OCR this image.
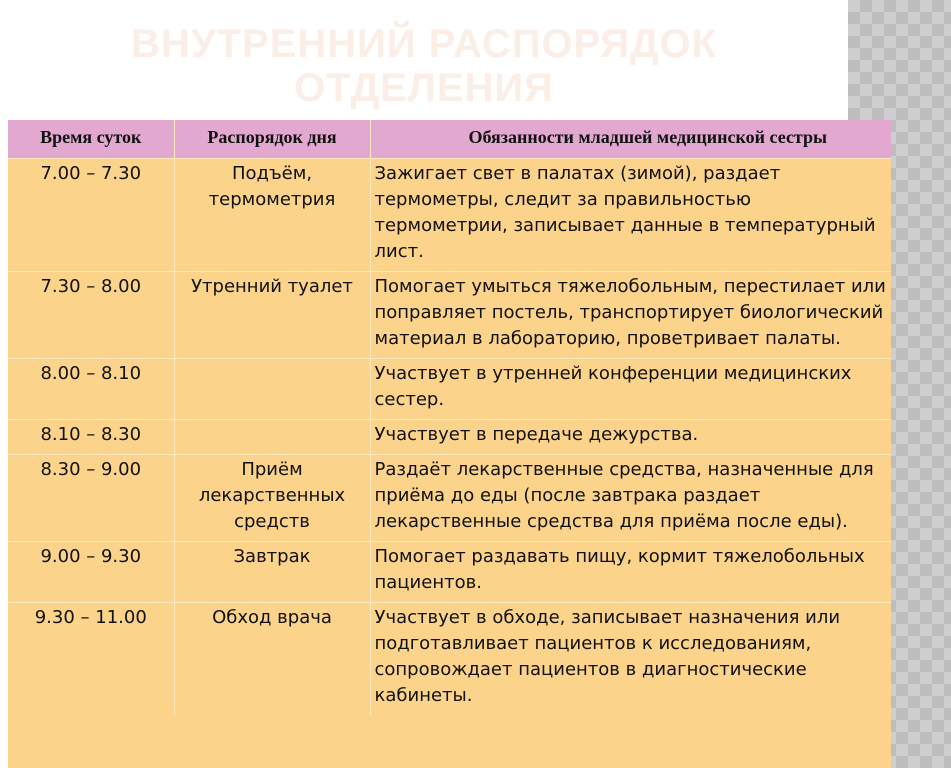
ВНУТРЕННИЙ РАСПОРЯДОК
ОТДЕЛЕНИЯ
Время суток	Распорядок дня	Обязанности младшей медицинской сестры
7.00 – 7.30	Подъём, термометрия	Зажигает свет в палатах (зимой), раздает термометры, следит за правильностью термометрии, записывает данные в температурный лист.
7.30 – 8.00	Утренний туалет	Помогает умыться тяжелобольным, перестилает или поправляет постель, транспортирует биологический материал в лабораторию, проветривает палаты.
8.00 – 8.10		Участвует в утренней конференции медицинских сестер.
8.10 – 8.30		Участвует в передаче дежурства.
8.30 – 9.00	Приём лекарственных средств	Раздаёт лекарственные средства, назначенные для приёма до еды (после завтрака раздает лекарственные средства для приёма после еды).
9.00 – 9.30	Завтрак	Помогает раздавать пищу, кормит тяжелобольных пациентов.
9.30 – 11.00	Обход врача	Участвует в обходе, записывает назначения или подготавливает пациентов к исследованиям, сопровождает пациентов в диагностические кабинеты.
